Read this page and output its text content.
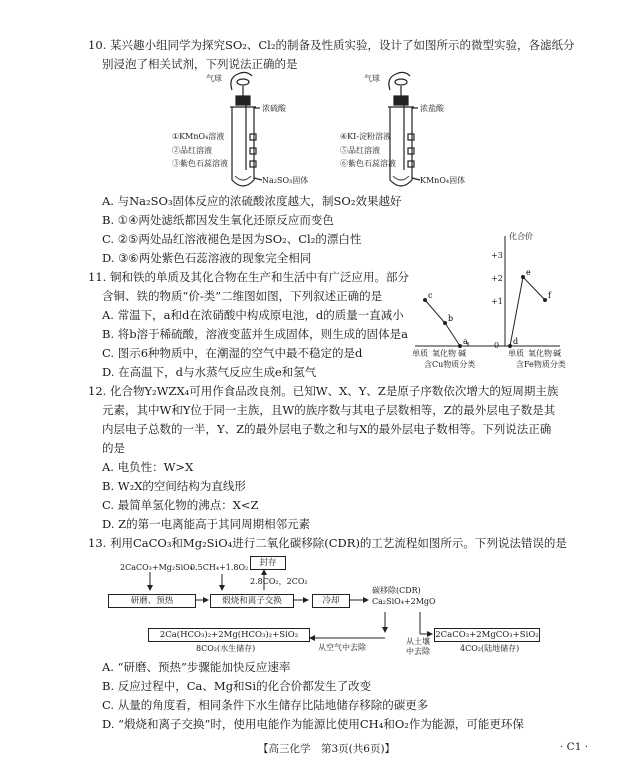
10. 某兴趣小组同学为探究SO₂、Cl₂的制备及性质实验，设计了如图所示的微型实验，各滤纸分
别浸泡了相关试剂，下列说法正确的是
气球
浓硫酸
①KMnO₄溶液
②品红溶液
③紫色石蕊溶液
Na₂SO₃固体
气球
浓盐酸
④KI-淀粉溶液
⑤品红溶液
⑥紫色石蕊溶液
KMnO₄固体
A. 与Na₂SO₃固体反应的浓硫酸浓度越大，制SO₂效果越好
B. ①④两处滤纸都因发生氧化还原反应而变色
C. ②⑤两处品红溶液褪色是因为SO₂、Cl₂的漂白性
D. ③⑥两处紫色石蕊溶液的现象完全相同
11. 铜和铁的单质及其化合物在生产和生活中有广泛应用。部分
含铜、铁的物质“价-类”二维图如图，下列叙述正确的是
A. 常温下，a和d在浓硝酸中构成原电池，d的质量一直减小
B. 将b溶于稀硫酸，溶液变蓝并生成固体，则生成的固体是a
C. 图示6种物质中，在潮湿的空气中最不稳定的是d
D. 在高温下，d与水蒸气反应生成e和氢气
a
b
c
d
e
f
化合价
+3
+2
+1
0
单质 氧化物 碱
含Cu物质分类
单质 氧化物 碱
含Fe物质分类
12. 化合物Y₂WZX₄可用作食品改良剂。已知W、X、Y、Z是原子序数依次增大的短周期主族
元素，其中W和Y位于同一主族，且W的族序数与其电子层数相等，Z的最外层电子数是其
内层电子总数的一半，Y、Z的最外层电子数之和与X的最外层电子数相等。下列说法正确
的是
A. 电负性：W>X
B. W₂X的空间结构为直线形
C. 最简单氢化物的沸点：X<Z
D. Z的第一电离能高于其同周期相邻元素
13. 利用CaCO₃和Mg₂SiO₄进行二氧化碳移除(CDR)的工艺流程如图所示。下列说法错误的是
2CaCO₃+Mg₂SiO₄
0.5CH₄+1.8O₂	封存
2.8CO₂，2CO₂
研磨、预热	煅烧和离子交换	冷却
碳移除(CDR)
Ca₂SiO₄+2MgO
2Ca(HCO₃)₂+2Mg(HCO₃)₂+SiO₂
8CO₂(水生储存)	从空气中去除
从土壤
中去除
2CaCO₃+2MgCO₃+SiO₂
4CO₂(陆地储存)
A. “研磨、预热”步骤能加快反应速率
B. 反应过程中，Ca、Mg和Si的化合价都发生了改变
C. 从量的角度看，相同条件下水生储存比陆地储存移除的碳更多
D. “煅烧和离子交换”时，使用电能作为能源比使用CH₄和O₂作为能源，可能更环保
【高三化学　第3页(共6页)】	· C1 ·
